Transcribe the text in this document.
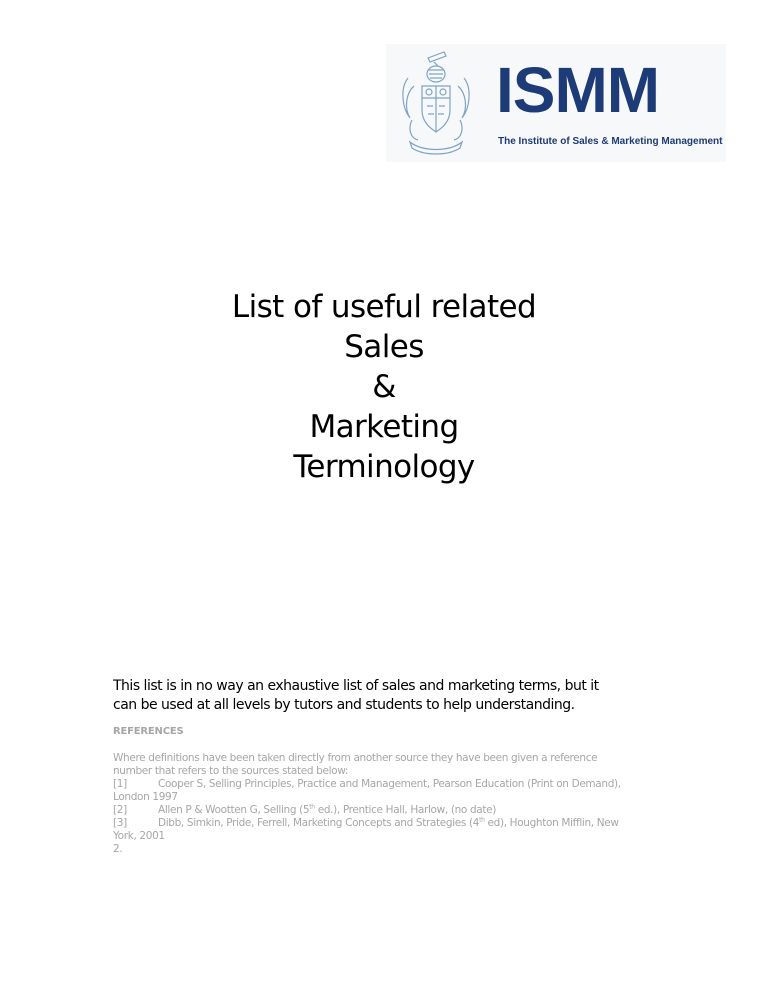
ISMM
The Institute of Sales & Marketing Management
List of useful related
Sales
&
Marketing
Terminology
This list is in no way an exhaustive list of sales and marketing terms, but it
can be used at all levels by tutors and students to help understanding.
REFERENCES
Where definitions have been taken directly from another source they have been given a reference
number that refers to the sources stated below:
[1]	Cooper S, Selling Principles, Practice and Management, Pearson Education (Print on Demand),
London 1997
[2]	Allen P & Wootten G, Selling (5th ed.), Prentice Hall, Harlow, (no date)
[3]	Dibb, Simkin, Pride, Ferrell, Marketing Concepts and Strategies (4th ed), Houghton Mifflin, New
York, 2001
2.
